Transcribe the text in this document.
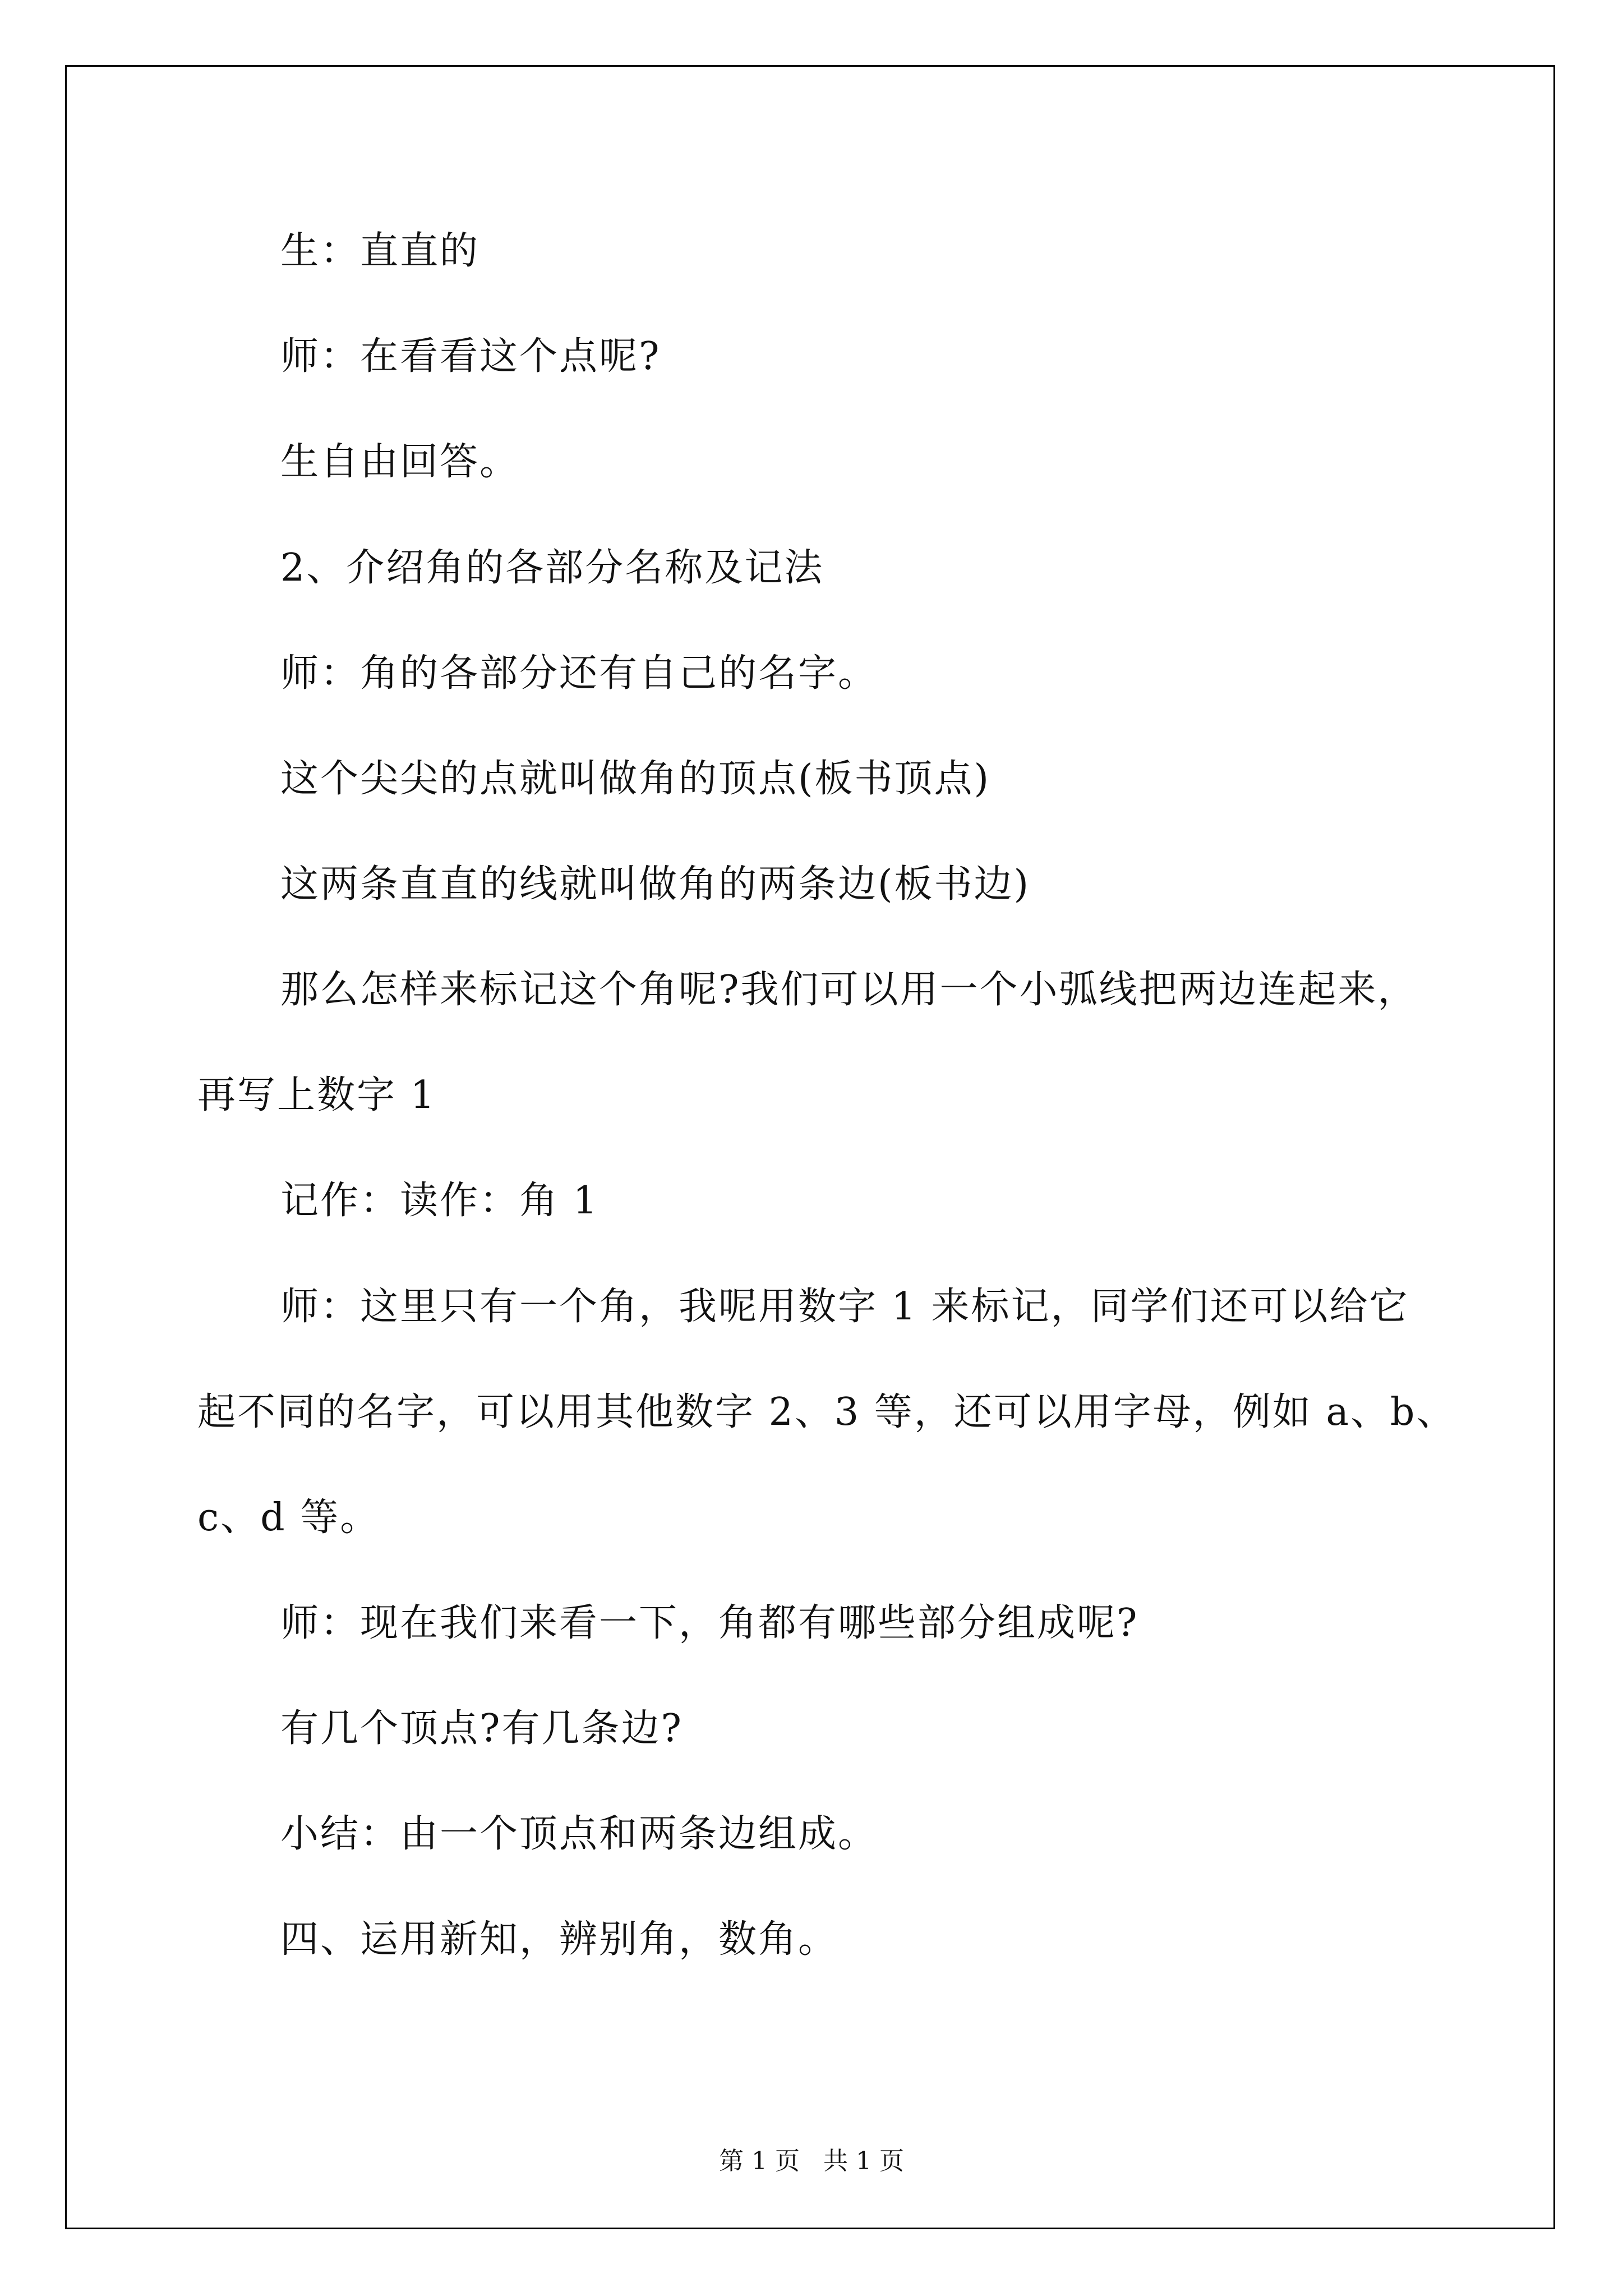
生：直直的
师：在看看这个点呢?
生自由回答。
2、介绍角的各部分名称及记法
师：角的各部分还有自己的名字。
这个尖尖的点就叫做角的顶点(板书顶点)
这两条直直的线就叫做角的两条边(板书边)
那么怎样来标记这个角呢?我们可以用一个小弧线把两边连起来，
再写上数字 1
记作：读作：角 1
师：这里只有一个角，我呢用数字 1 来标记，同学们还可以给它
起不同的名字，可以用其他数字 2、3 等，还可以用字母，例如 a、b、
c、d 等。
师：现在我们来看一下，角都有哪些部分组成呢?
有几个顶点?有几条边?
小结：由一个顶点和两条边组成。
四、运用新知，辨别角，数角。
第 1 页   共 1 页
